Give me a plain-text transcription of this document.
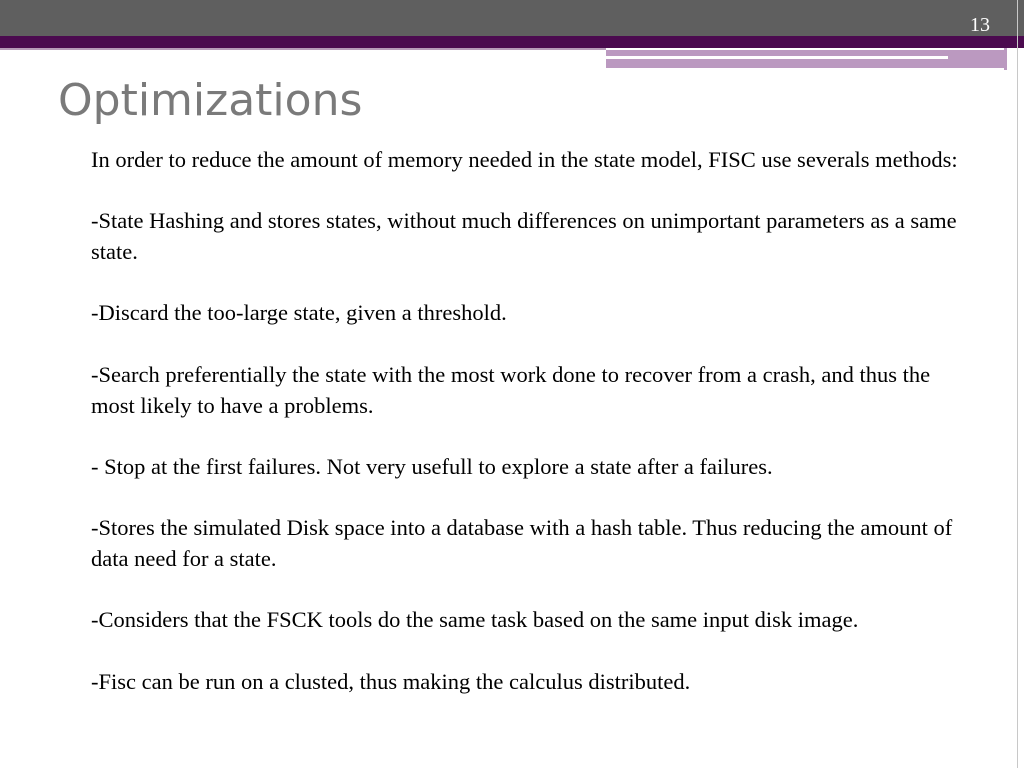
13
Optimizations

In order to reduce the amount of memory needed in the state model, FISC use severals methods:

-State Hashing and stores states, without much differences on unimportant parameters as a same state.

-Discard the too-large state, given a threshold.

-Search preferentially the state with the most work done to recover from a crash, and thus the most likely to have a problems.

- Stop at the first failures. Not very usefull to explore a state after a failures.

-Stores the simulated Disk space into a database with a hash table. Thus reducing the amount of data need for a state.

-Considers that the FSCK tools do the same task based on the same input disk image.

-Fisc can be run on a clusted, thus making the calculus distributed.
